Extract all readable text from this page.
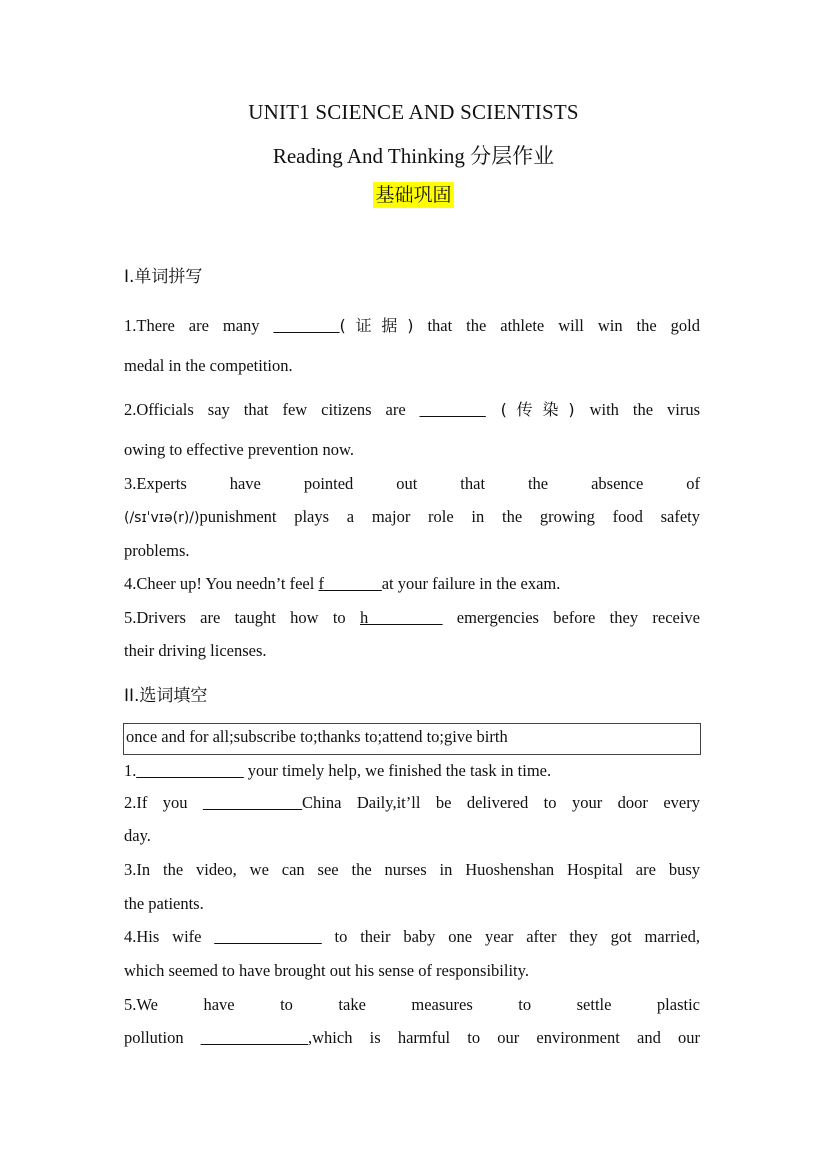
UNIT1 SCIENCE AND SCIENTISTS
Reading And Thinking 分层作业
基础巩固
I.单词拼写
1.There are many ________(证据) that the athlete will win the gold
medal in the competition.
2.Officials say that few citizens are ________ (传染) with the virus
owing to effective prevention now.
3.Experts have pointed out that the absence of
(/sɪˈvɪə(r)/)punishment plays a major role in the growing food safety
problems.
4.Cheer up! You needn’t feel f_______at your failure in the exam.
5.Drivers are taught how to h_________ emergencies before they receive
their driving licenses.
II.选词填空
once and for all;subscribe to;thanks to;attend to;give birth
1._____________ your timely help, we finished the task in time.
2.If you ____________China Daily,it’ll be delivered to your door every
day.
3.In the video, we can see the nurses in Huoshenshan Hospital are busy
the patients.
4.His wife _____________ to their baby one year after they got married,
which seemed to have brought out his sense of responsibility.
5.We have to take measures to settle plastic
pollution _____________,which is harmful to our environment and our
